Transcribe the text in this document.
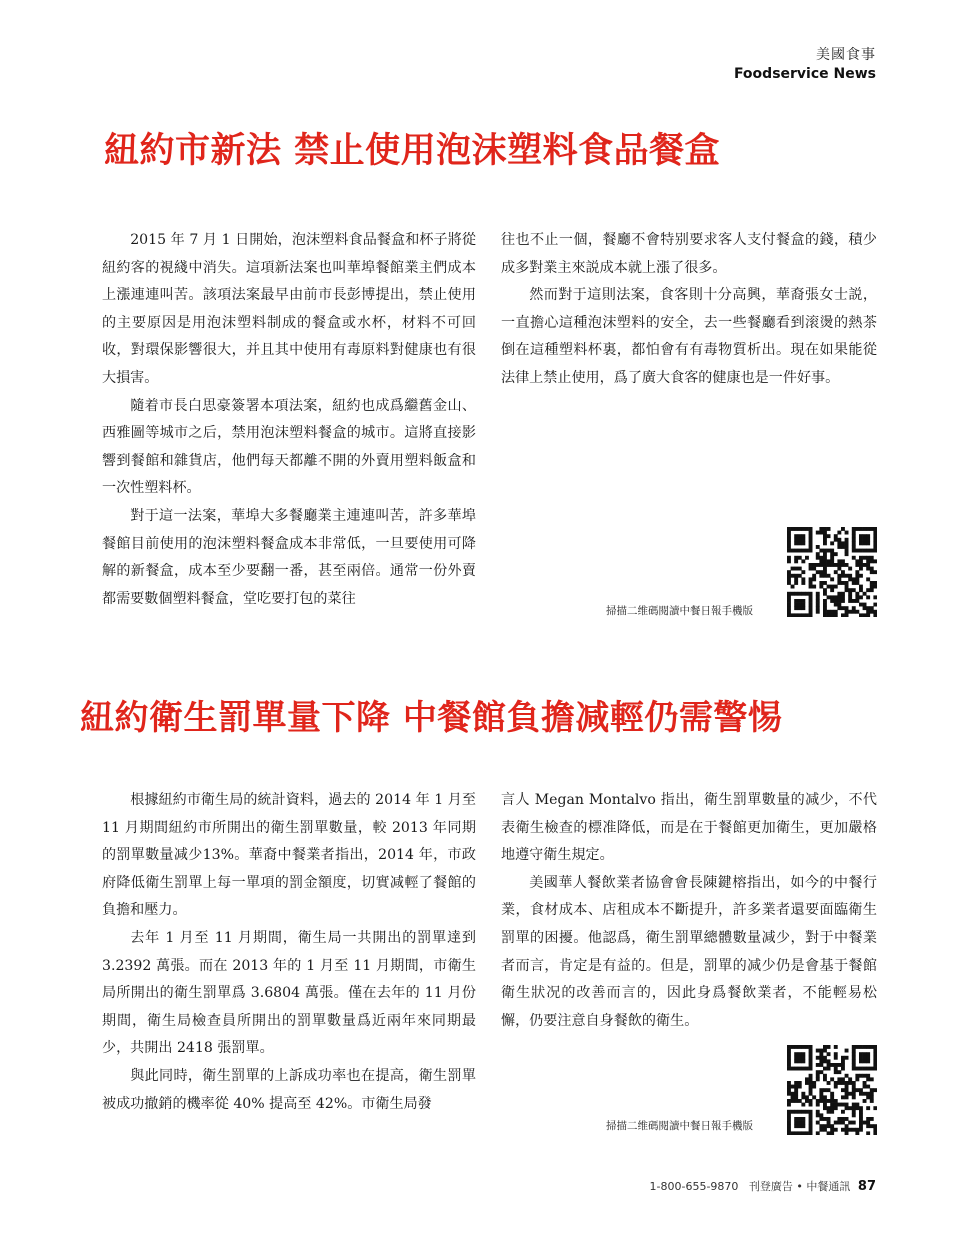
美國食事
Foodservice News
紐約市新法 禁止使用泡沫塑料食品餐盒

2015 年 7 月 1 日開始，泡沫塑料食品餐盒和杯子將從紐約客的視綫中消失。這項新法案也叫華埠餐館業主們成本上漲連連叫苦。該項法案最早由前市長彭博提出，禁止使用的主要原因是用泡沫塑料制成的餐盒或水杯，材料不可回收，對環保影響很大，并且其中使用有毒原料對健康也有很大損害。

隨着市長白思豪簽署本項法案，紐約也成爲繼舊金山、西雅圖等城市之后，禁用泡沫塑料餐盒的城市。這將直接影響到餐館和雜貨店，他們每天都離不開的外賣用塑料飯盒和一次性塑料杯。

對于這一法案，華埠大多餐廳業主連連叫苦，許多華埠餐館目前使用的泡沫塑料餐盒成本非常低，一旦要使用可降解的新餐盒，成本至少要翻一番，甚至兩倍。通常一份外賣都需要數個塑料餐盒，堂吃要打包的菜往

往也不止一個，餐廳不會特别要求客人支付餐盒的錢，積少成多對業主來説成本就上漲了很多。

然而對于這則法案，食客則十分高興，華裔張女士説，一直擔心這種泡沫塑料的安全，去一些餐廳看到滚燙的熱茶倒在這種塑料杯裏，都怕會有有毒物質析出。現在如果能從法律上禁止使用，爲了廣大食客的健康也是一件好事。

掃描二维碼閱讀中餐日報手機版
紐約衛生罰單量下降 中餐館負擔减輕仍需警惕

根據紐約市衛生局的統計資料，過去的 2014 年 1 月至 11 月期間紐約市所開出的衛生罰單數量，較 2013 年同期的罰單數量减少13%。華裔中餐業者指出，2014 年，市政府降低衛生罰單上每一單項的罰金額度，切實减輕了餐館的負擔和壓力。

去年 1 月至 11 月期間，衛生局一共開出的罰單達到 3.2392 萬張。而在 2013 年的 1 月至 11 月期間，市衛生局所開出的衛生罰單爲 3.6804 萬張。僅在去年的 11 月份期間，衛生局檢查員所開出的罰單數量爲近兩年來同期最少，共開出 2418 張罰單。

與此同時，衛生罰單的上訴成功率也在提高，衛生罰單被成功撤銷的機率從 40% 提高至 42%。市衛生局發

言人 Megan Montalvo 指出，衛生罰單數量的减少，不代表衛生檢查的標准降低，而是在于餐館更加衛生，更加嚴格地遵守衛生規定。

美國華人餐飲業者協會會長陳鍵榕指出，如今的中餐行業，食材成本、店租成本不斷提升，許多業者還要面臨衛生罰單的困擾。他認爲，衛生罰單總體數量减少，對于中餐業者而言，肯定是有益的。但是，罰單的减少仍是會基于餐館衛生狀况的改善而言的，因此身爲餐飲業者，不能輕易松懈，仍要注意自身餐飲的衛生。

掃描二维碼閱讀中餐日報手機版
1-800-655-9870 刊登廣告 • 中餐通訊 87
